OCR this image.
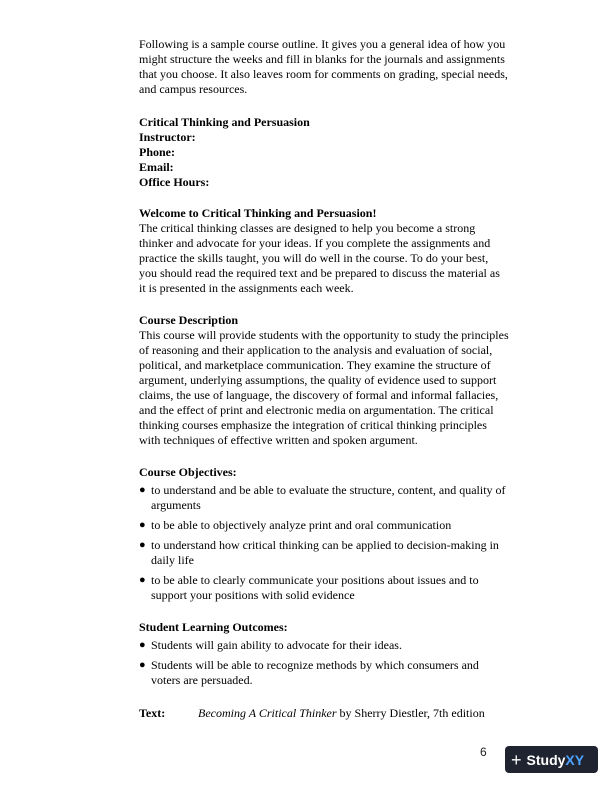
Following is a sample course outline. It gives you a general idea of how you might structure the weeks and fill in blanks for the journals and assignments that you choose. It also leaves room for comments on grading, special needs, and campus resources.

Critical Thinking and Persuasion

Instructor:

Phone:

Email:

Office Hours:

Welcome to Critical Thinking and Persuasion!

The critical thinking classes are designed to help you become a strong thinker and advocate for your ideas. If you complete the assignments and practice the skills taught, you will do well in the course. To do your best, you should read the required text and be prepared to discuss the material as it is presented in the assignments each week.

Course Description

This course will provide students with the opportunity to study the principles of reasoning and their application to the analysis and evaluation of social, political, and marketplace communication. They examine the structure of argument, underlying assumptions, the quality of evidence used to support claims, the use of language, the discovery of formal and informal fallacies, and the effect of print and electronic media on argumentation. The critical thinking courses emphasize the integration of critical thinking principles with techniques of effective written and spoken argument.

Course Objectives:

● to understand and be able to evaluate the structure, content, and quality of arguments
● to be able to objectively analyze print and oral communication
● to understand how critical thinking can be applied to decision-making in daily life
● to be able to clearly communicate your positions about issues and to support your positions with solid evidence

Student Learning Outcomes:

● Students will gain ability to advocate for their ideas.
● Students will be able to recognize methods by which consumers and voters are persuaded.
Text:	Becoming A Critical Thinker by Sherry Diestler, 7th edition
6 + Study XY
